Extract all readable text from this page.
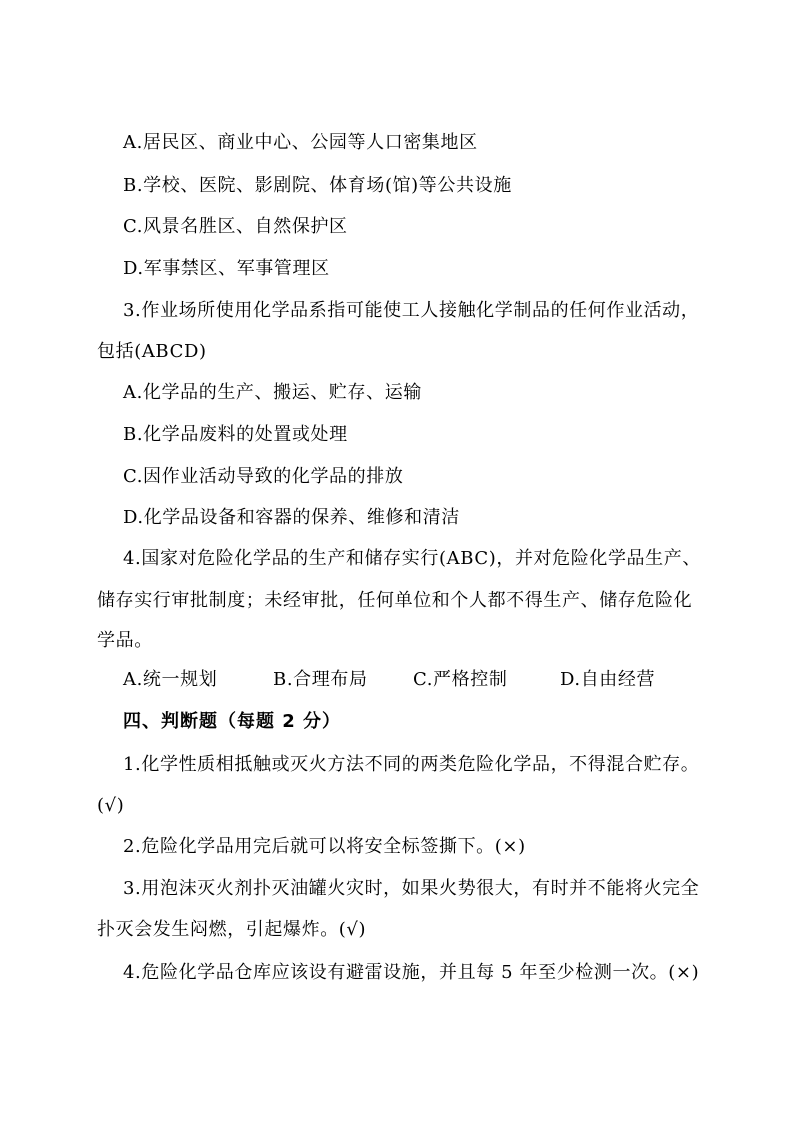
A.居民区、商业中心、公园等人口密集地区
B.学校、医院、影剧院、体育场(馆)等公共设施
C.风景名胜区、自然保护区
D.军事禁区、军事管理区
3.作业场所使用化学品系指可能使工人接触化学制品的任何作业活动，
包括(ABCD)
A.化学品的生产、搬运、贮存、运输
B.化学品废料的处置或处理
C.因作业活动导致的化学品的排放
D.化学品设备和容器的保养、维修和清洁
4.国家对危险化学品的生产和储存实行(ABC)，并对危险化学品生产、
储存实行审批制度；未经审批，任何单位和个人都不得生产、储存危险化
学品。
A.统一规划	B.合理布局	C.严格控制	D.自由经营
四、判断题（每题 2 分）
1.化学性质相抵触或灭火方法不同的两类危险化学品，不得混合贮存。
(√)
2.危险化学品用完后就可以将安全标签撕下。(×)
3.用泡沫灭火剂扑灭油罐火灾时，如果火势很大，有时并不能将火完全
扑灭会发生闷燃，引起爆炸。(√)
4.危险化学品仓库应该设有避雷设施，并且每 5 年至少检测一次。(×)
